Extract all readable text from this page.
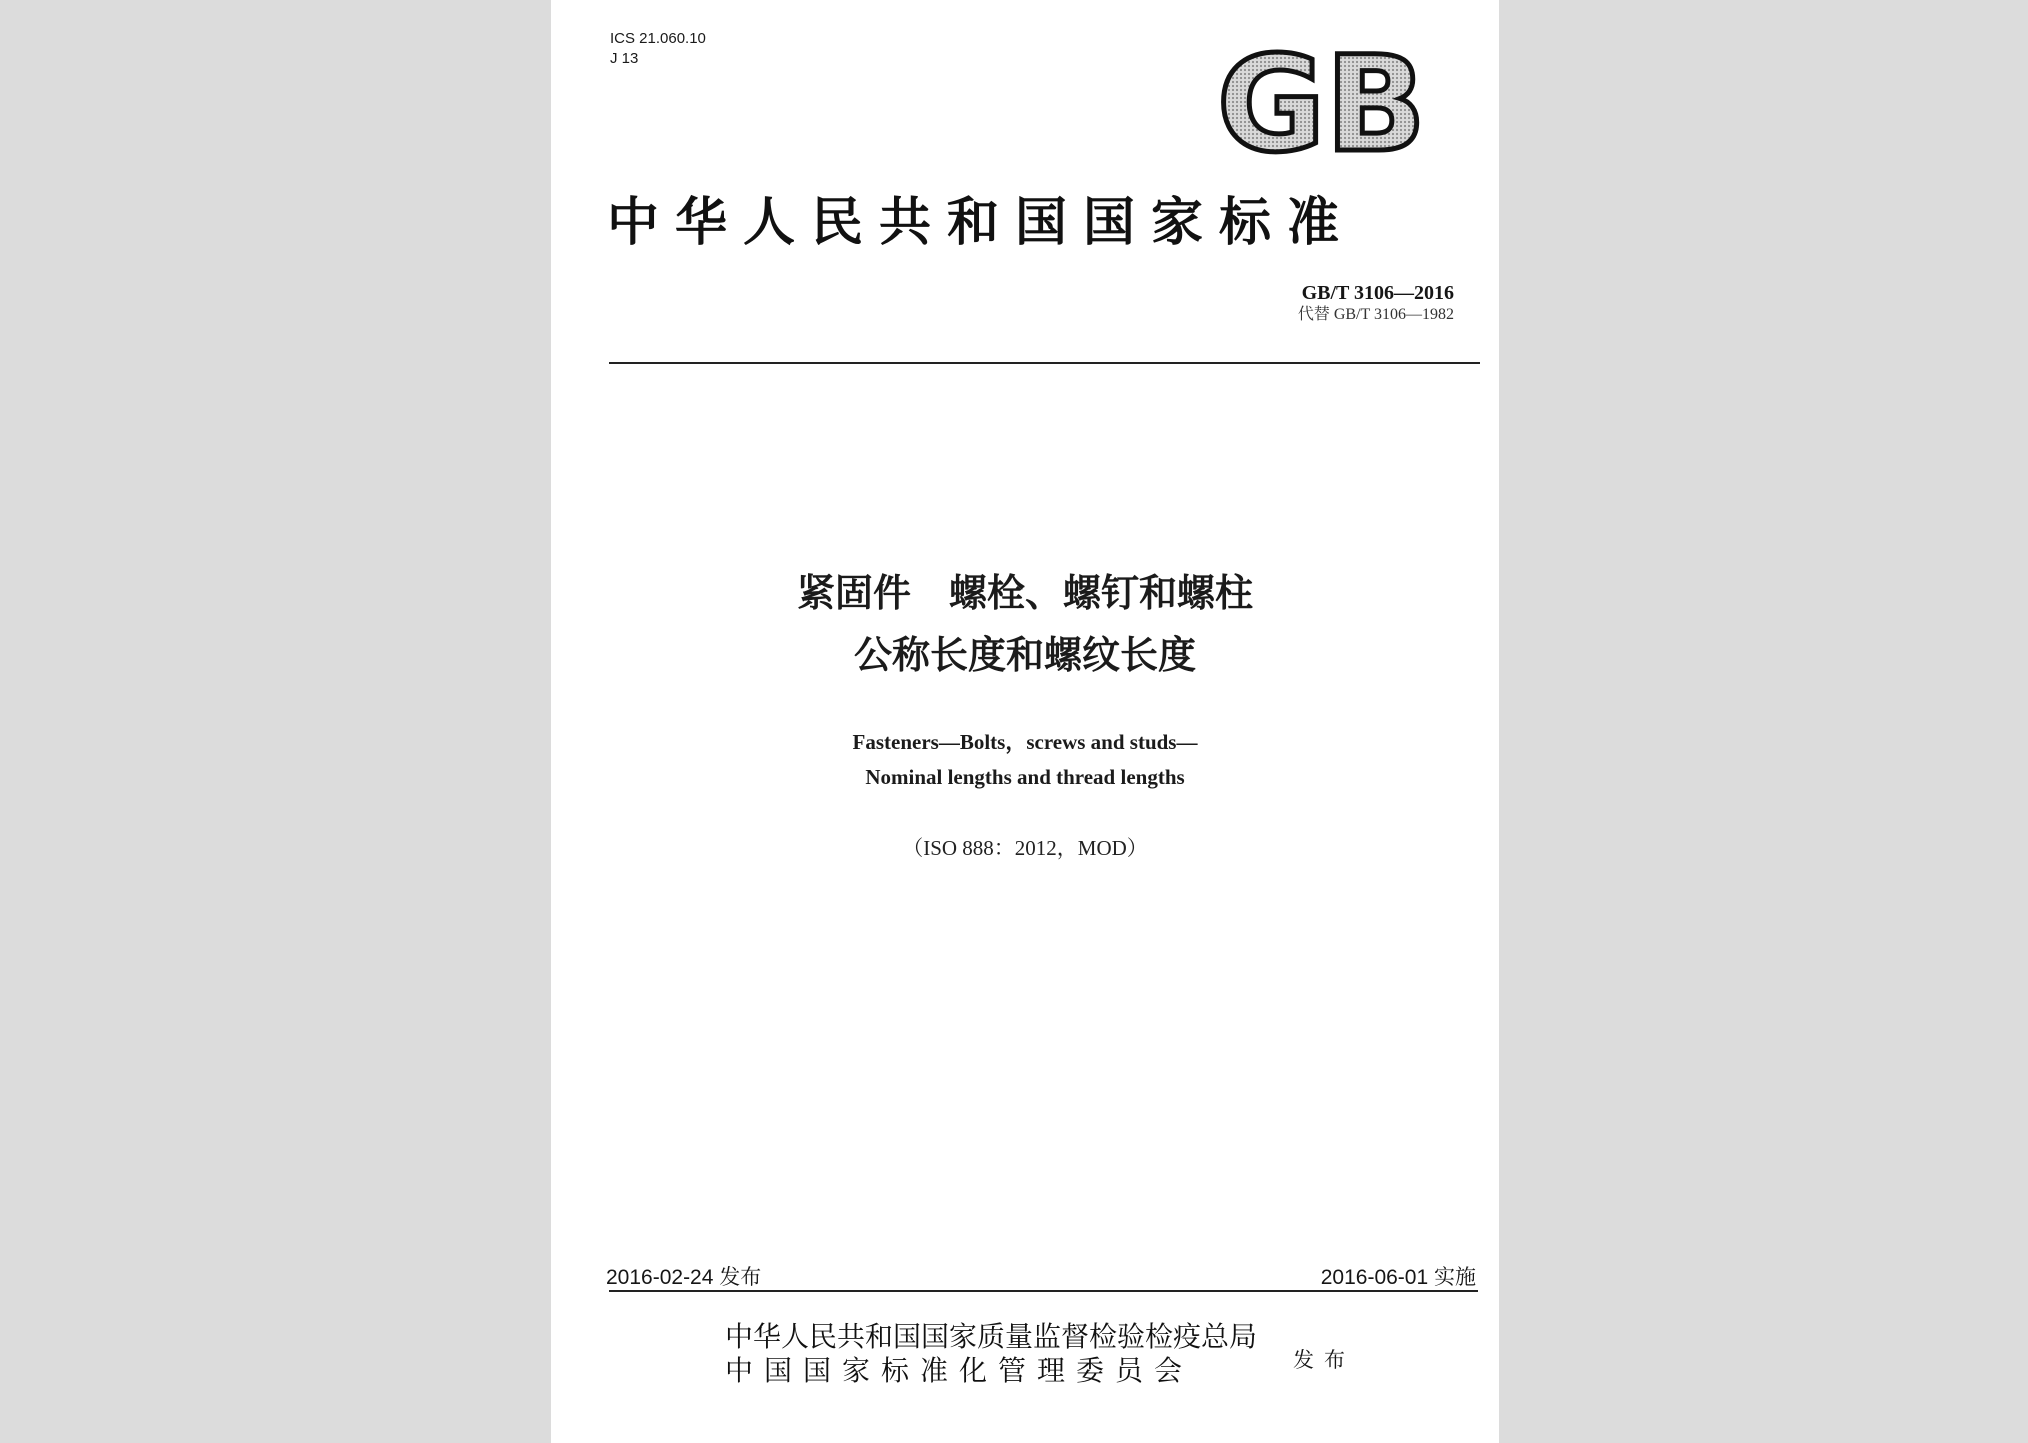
ICS 21.060.10
J 13	GB
中华人民共和国国家标准
GB/T 3106—2016
代替 GB/T 3106—1982
紧固件　螺栓、螺钉和螺柱
公称长度和螺纹长度
Fasteners—Bolts，screws and studs—
Nominal lengths and thread lengths
（ISO 888：2012，MOD）
2016-02-24 发布	2016-06-01 实施
中华人民共和国国家质量监督检验检疫总局
中国国家标准化管理委员会	发布
